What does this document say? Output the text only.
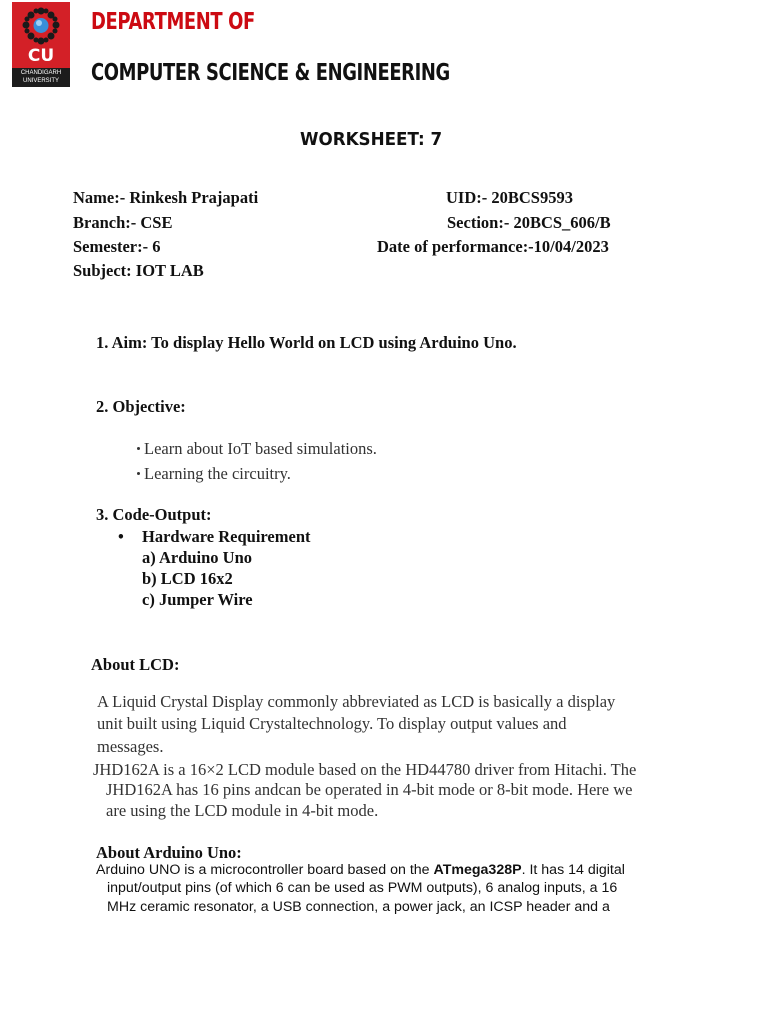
CU
CHANDIGARH
UNIVERSITY
DEPARTMENT OF
COMPUTER SCIENCE & ENGINEERING
WORKSHEET: 7
Name:- Rinkesh Prajapati	UID:- 20BCS9593
Branch:- CSE	Section:- 20BCS_606/B
Semester:- 6	Date of performance:-10/04/2023
Subject: IOT LAB
1. Aim: To display Hello World on LCD using Arduino Uno.
2. Objective:
Learn about IoT based simulations.
Learning the circuitry.
3. Code-Output:
• Hardware Requirement
a) Arduino Uno
b) LCD 16x2
c) Jumper Wire
About LCD:
A Liquid Crystal Display commonly abbreviated as LCD is basically a display
unit built using Liquid Crystaltechnology. To display output values and
messages.
JHD162A is a 16×2 LCD module based on the HD44780 driver from Hitachi. The
JHD162A has 16 pins andcan be operated in 4-bit mode or 8-bit mode. Here we
are using the LCD module in 4-bit mode.
About Arduino Uno:
Arduino UNO is a microcontroller board based on the ATmega328P. It has 14 digital
input/output pins (of which 6 can be used as PWM outputs), 6 analog inputs, a 16
MHz ceramic resonator, a USB connection, a power jack, an ICSP header and a
